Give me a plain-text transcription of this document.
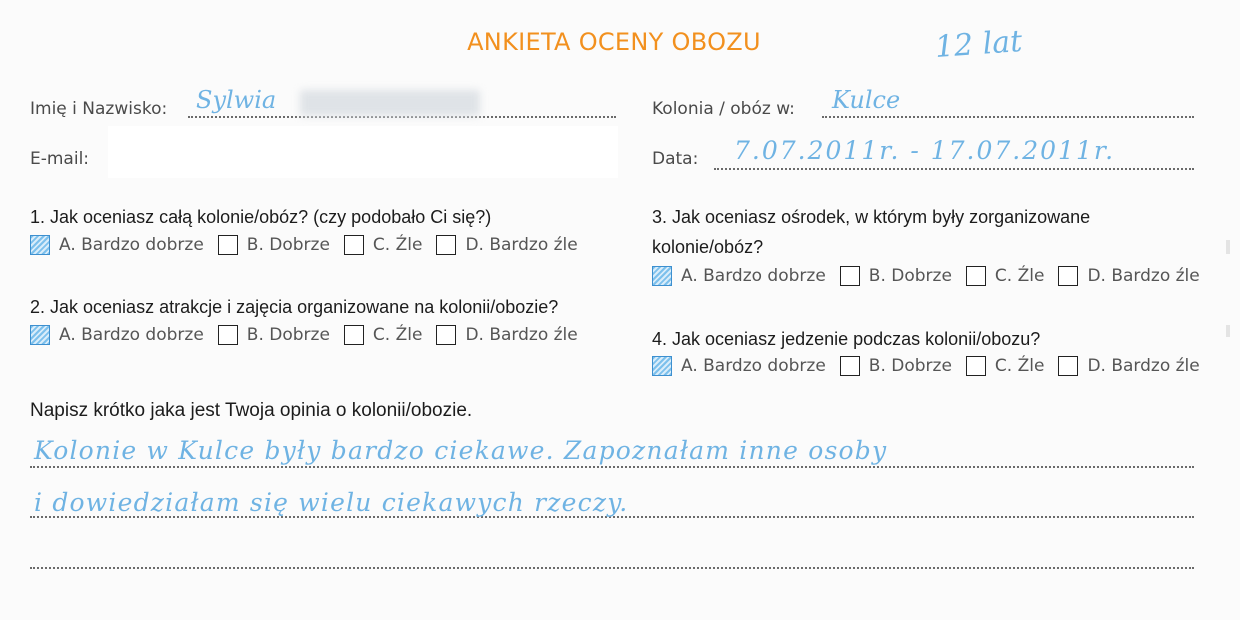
ANKIETA OCENY OBOZU	12 lat
Imię i Nazwisko: Sylwia
E-mail:
Kolonia / obóz w: Kulce
Data: 7.07.2011r. - 17.07.2011r.
1. Jak oceniasz całą kolonie/obóz? (czy podobało Ci się?)
A. Bardzo dobrze	B. Dobrze	C. Źle	D. Bardzo źle
2. Jak oceniasz atrakcje i zajęcia organizowane na kolonii/obozie?
A. Bardzo dobrze	B. Dobrze	C. Źle	D. Bardzo źle
3. Jak oceniasz ośrodek, w którym były zorganizowane kolonie/obóz?
A. Bardzo dobrze	B. Dobrze	C. Źle	D. Bardzo źle
4. Jak oceniasz jedzenie podczas kolonii/obozu?
A. Bardzo dobrze	B. Dobrze	C. Źle	D. Bardzo źle
Napisz krótko jaka jest Twoja opinia o kolonii/obozie.
Kolonie w Kulce były bardzo ciekawe. Zapoznałam inne osoby
i dowiedziałam się wielu ciekawych rzeczy.
